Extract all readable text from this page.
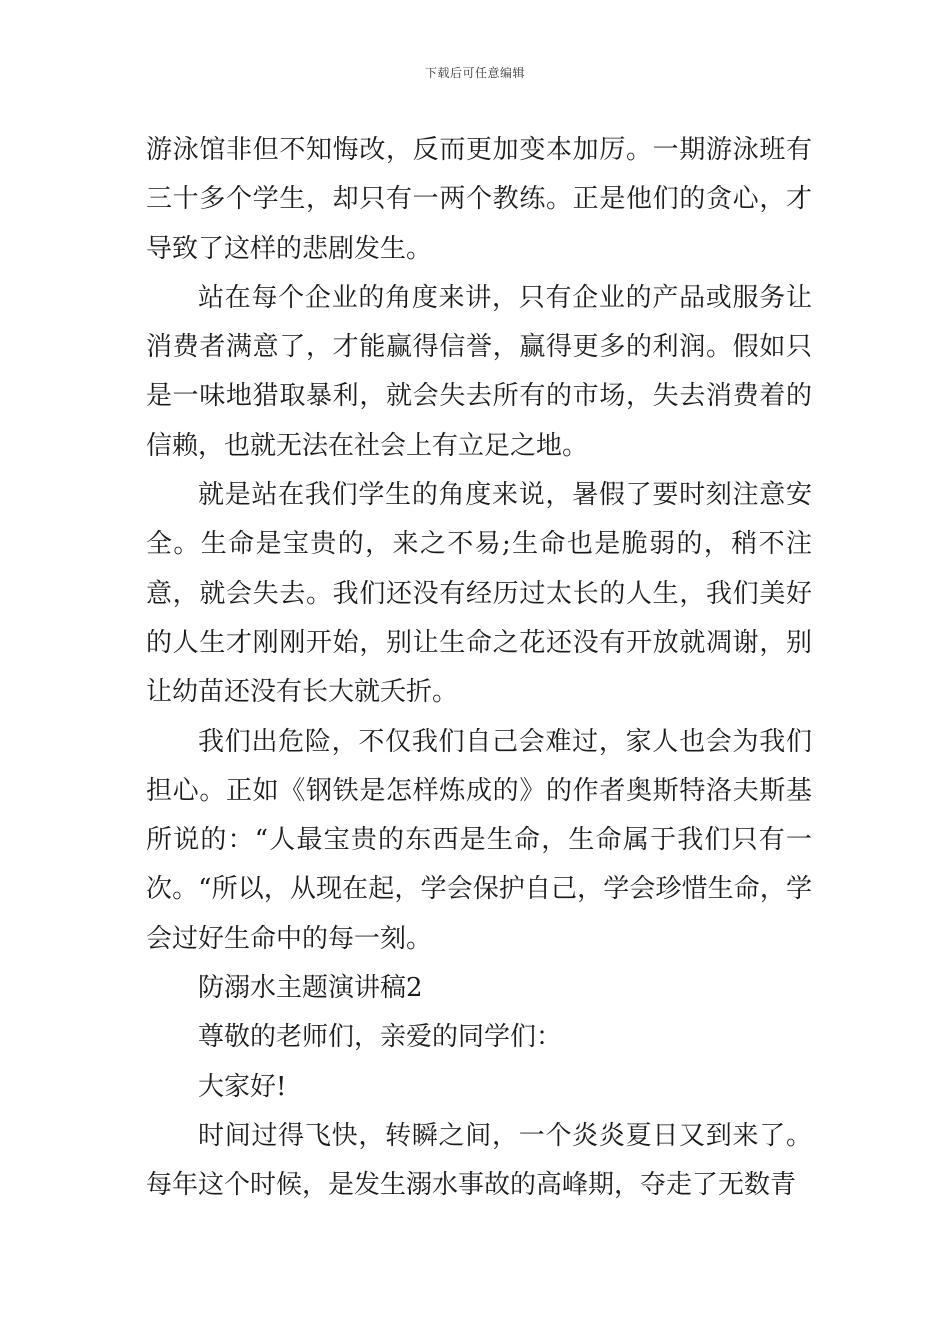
下载后可任意编辑

游泳馆非但不知悔改，反而更加变本加厉。一期游泳班有三十多个学生，却只有一两个教练。正是他们的贪心，才导致了这样的悲剧发生。

站在每个企业的角度来讲，只有企业的产品或服务让消费者满意了，才能赢得信誉，赢得更多的利润。假如只是一味地猎取暴利，就会失去所有的市场，失去消费着的信赖，也就无法在社会上有立足之地。

就是站在我们学生的角度来说，暑假了要时刻注意安全。生命是宝贵的，来之不易;生命也是脆弱的，稍不注意，就会失去。我们还没有经历过太长的人生，我们美好的人生才刚刚开始，别让生命之花还没有开放就凋谢，别让幼苗还没有长大就夭折。

我们出危险，不仅我们自己会难过，家人也会为我们担心。正如《钢铁是怎样炼成的》的作者奥斯特洛夫斯基所说的：“人最宝贵的东西是生命，生命属于我们只有一次。“所以，从现在起，学会保护自己，学会珍惜生命，学会过好生命中的每一刻。

防溺水主题演讲稿2

尊敬的老师们，亲爱的同学们：

大家好!

时间过得飞快，转瞬之间，一个炎炎夏日又到来了。每年这个时候，是发生溺水事故的高峰期，夺走了无数青
